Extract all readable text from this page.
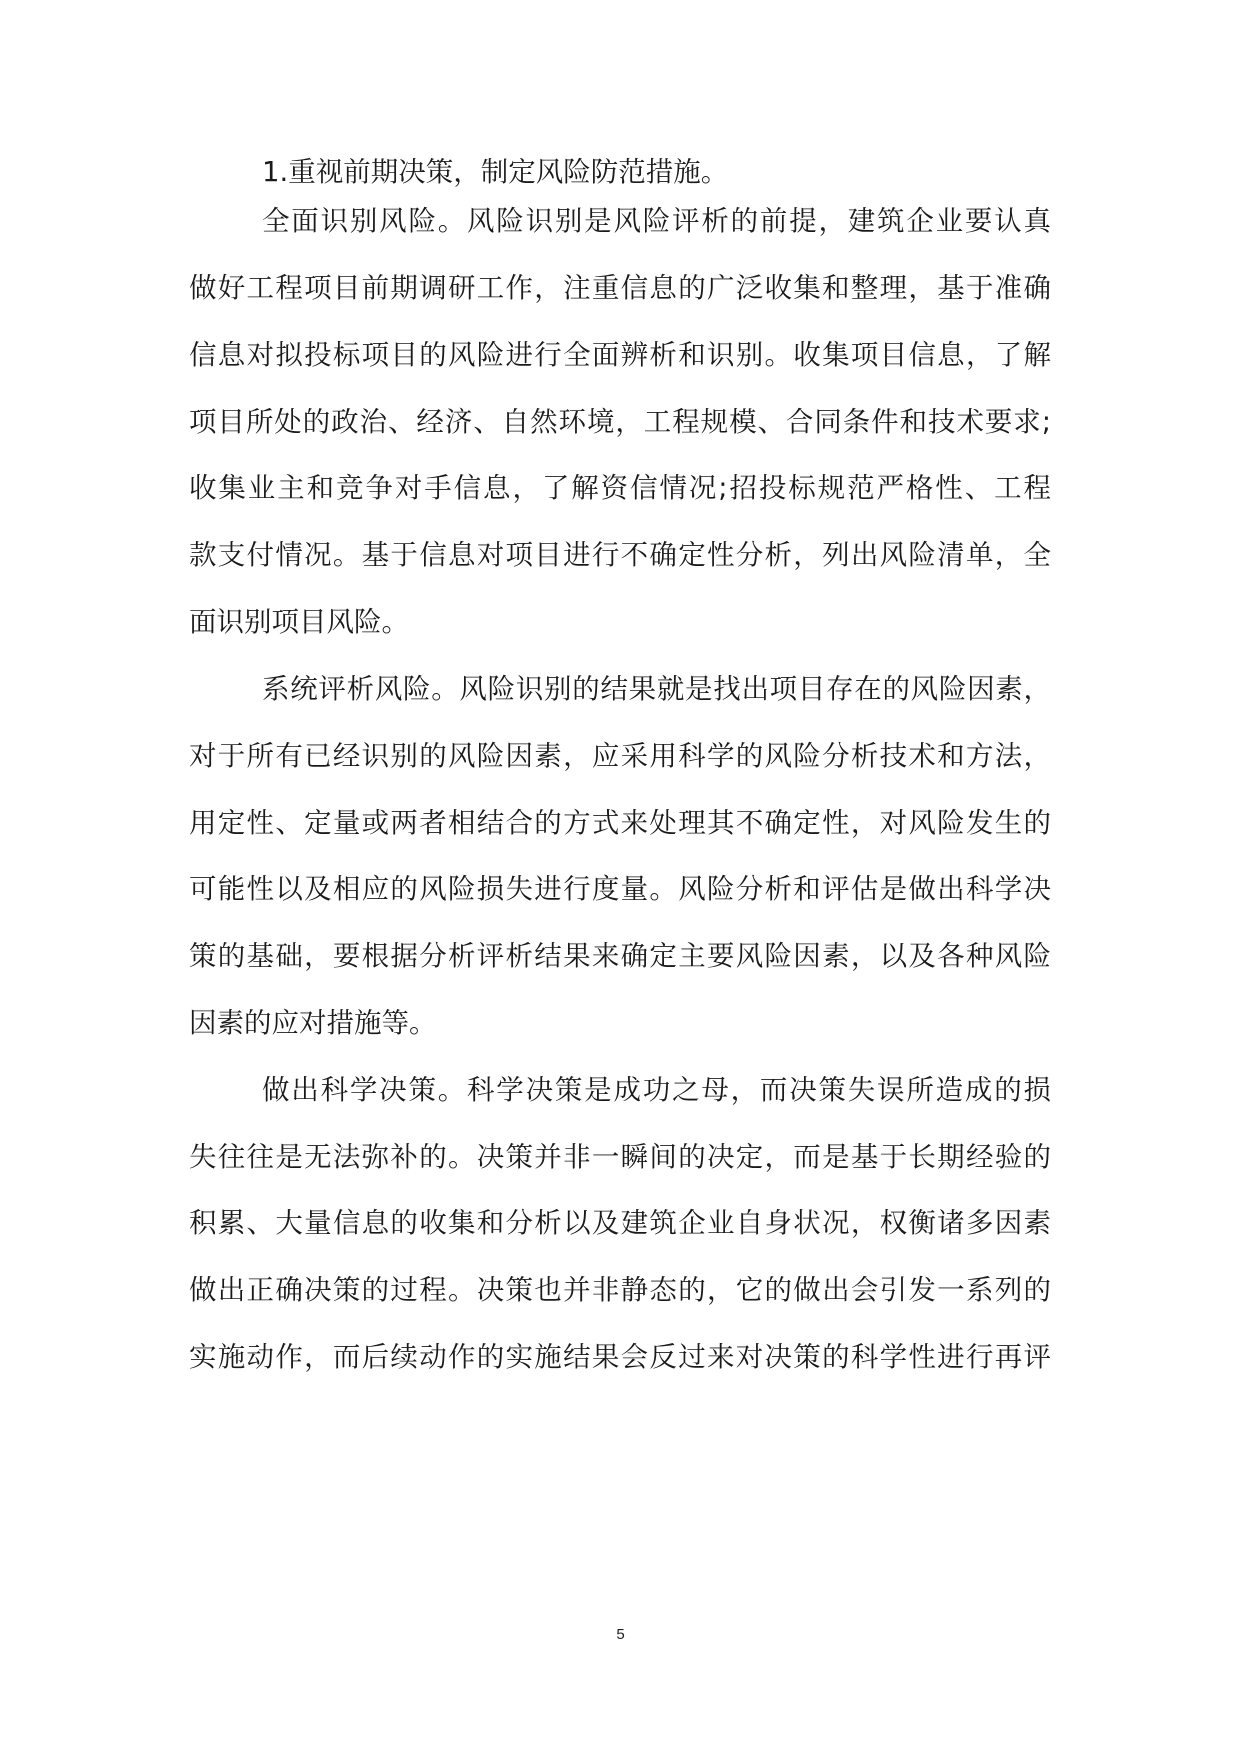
1.重视前期决策，制定风险防范措施。
全面识别风险。风险识别是风险评析的前提，建筑企业要认真
做好工程项目前期调研工作，注重信息的广泛收集和整理，基于准确
信息对拟投标项目的风险进行全面辨析和识别。收集项目信息，了解
项目所处的政治、经济、自然环境，工程规模、合同条件和技术要求;
收集业主和竞争对手信息，了解资信情况;招投标规范严格性、工程
款支付情况。基于信息对项目进行不确定性分析，列出风险清单，全
面识别项目风险。
系统评析风险。风险识别的结果就是找出项目存在的风险因素，
对于所有已经识别的风险因素，应采用科学的风险分析技术和方法，
用定性、定量或两者相结合的方式来处理其不确定性，对风险发生的
可能性以及相应的风险损失进行度量。风险分析和评估是做出科学决
策的基础，要根据分析评析结果来确定主要风险因素，以及各种风险
因素的应对措施等。
做出科学决策。科学决策是成功之母，而决策失误所造成的损
失往往是无法弥补的。决策并非一瞬间的决定，而是基于长期经验的
积累、大量信息的收集和分析以及建筑企业自身状况，权衡诸多因素
做出正确决策的过程。决策也并非静态的，它的做出会引发一系列的
实施动作，而后续动作的实施结果会反过来对决策的科学性进行再评
5
